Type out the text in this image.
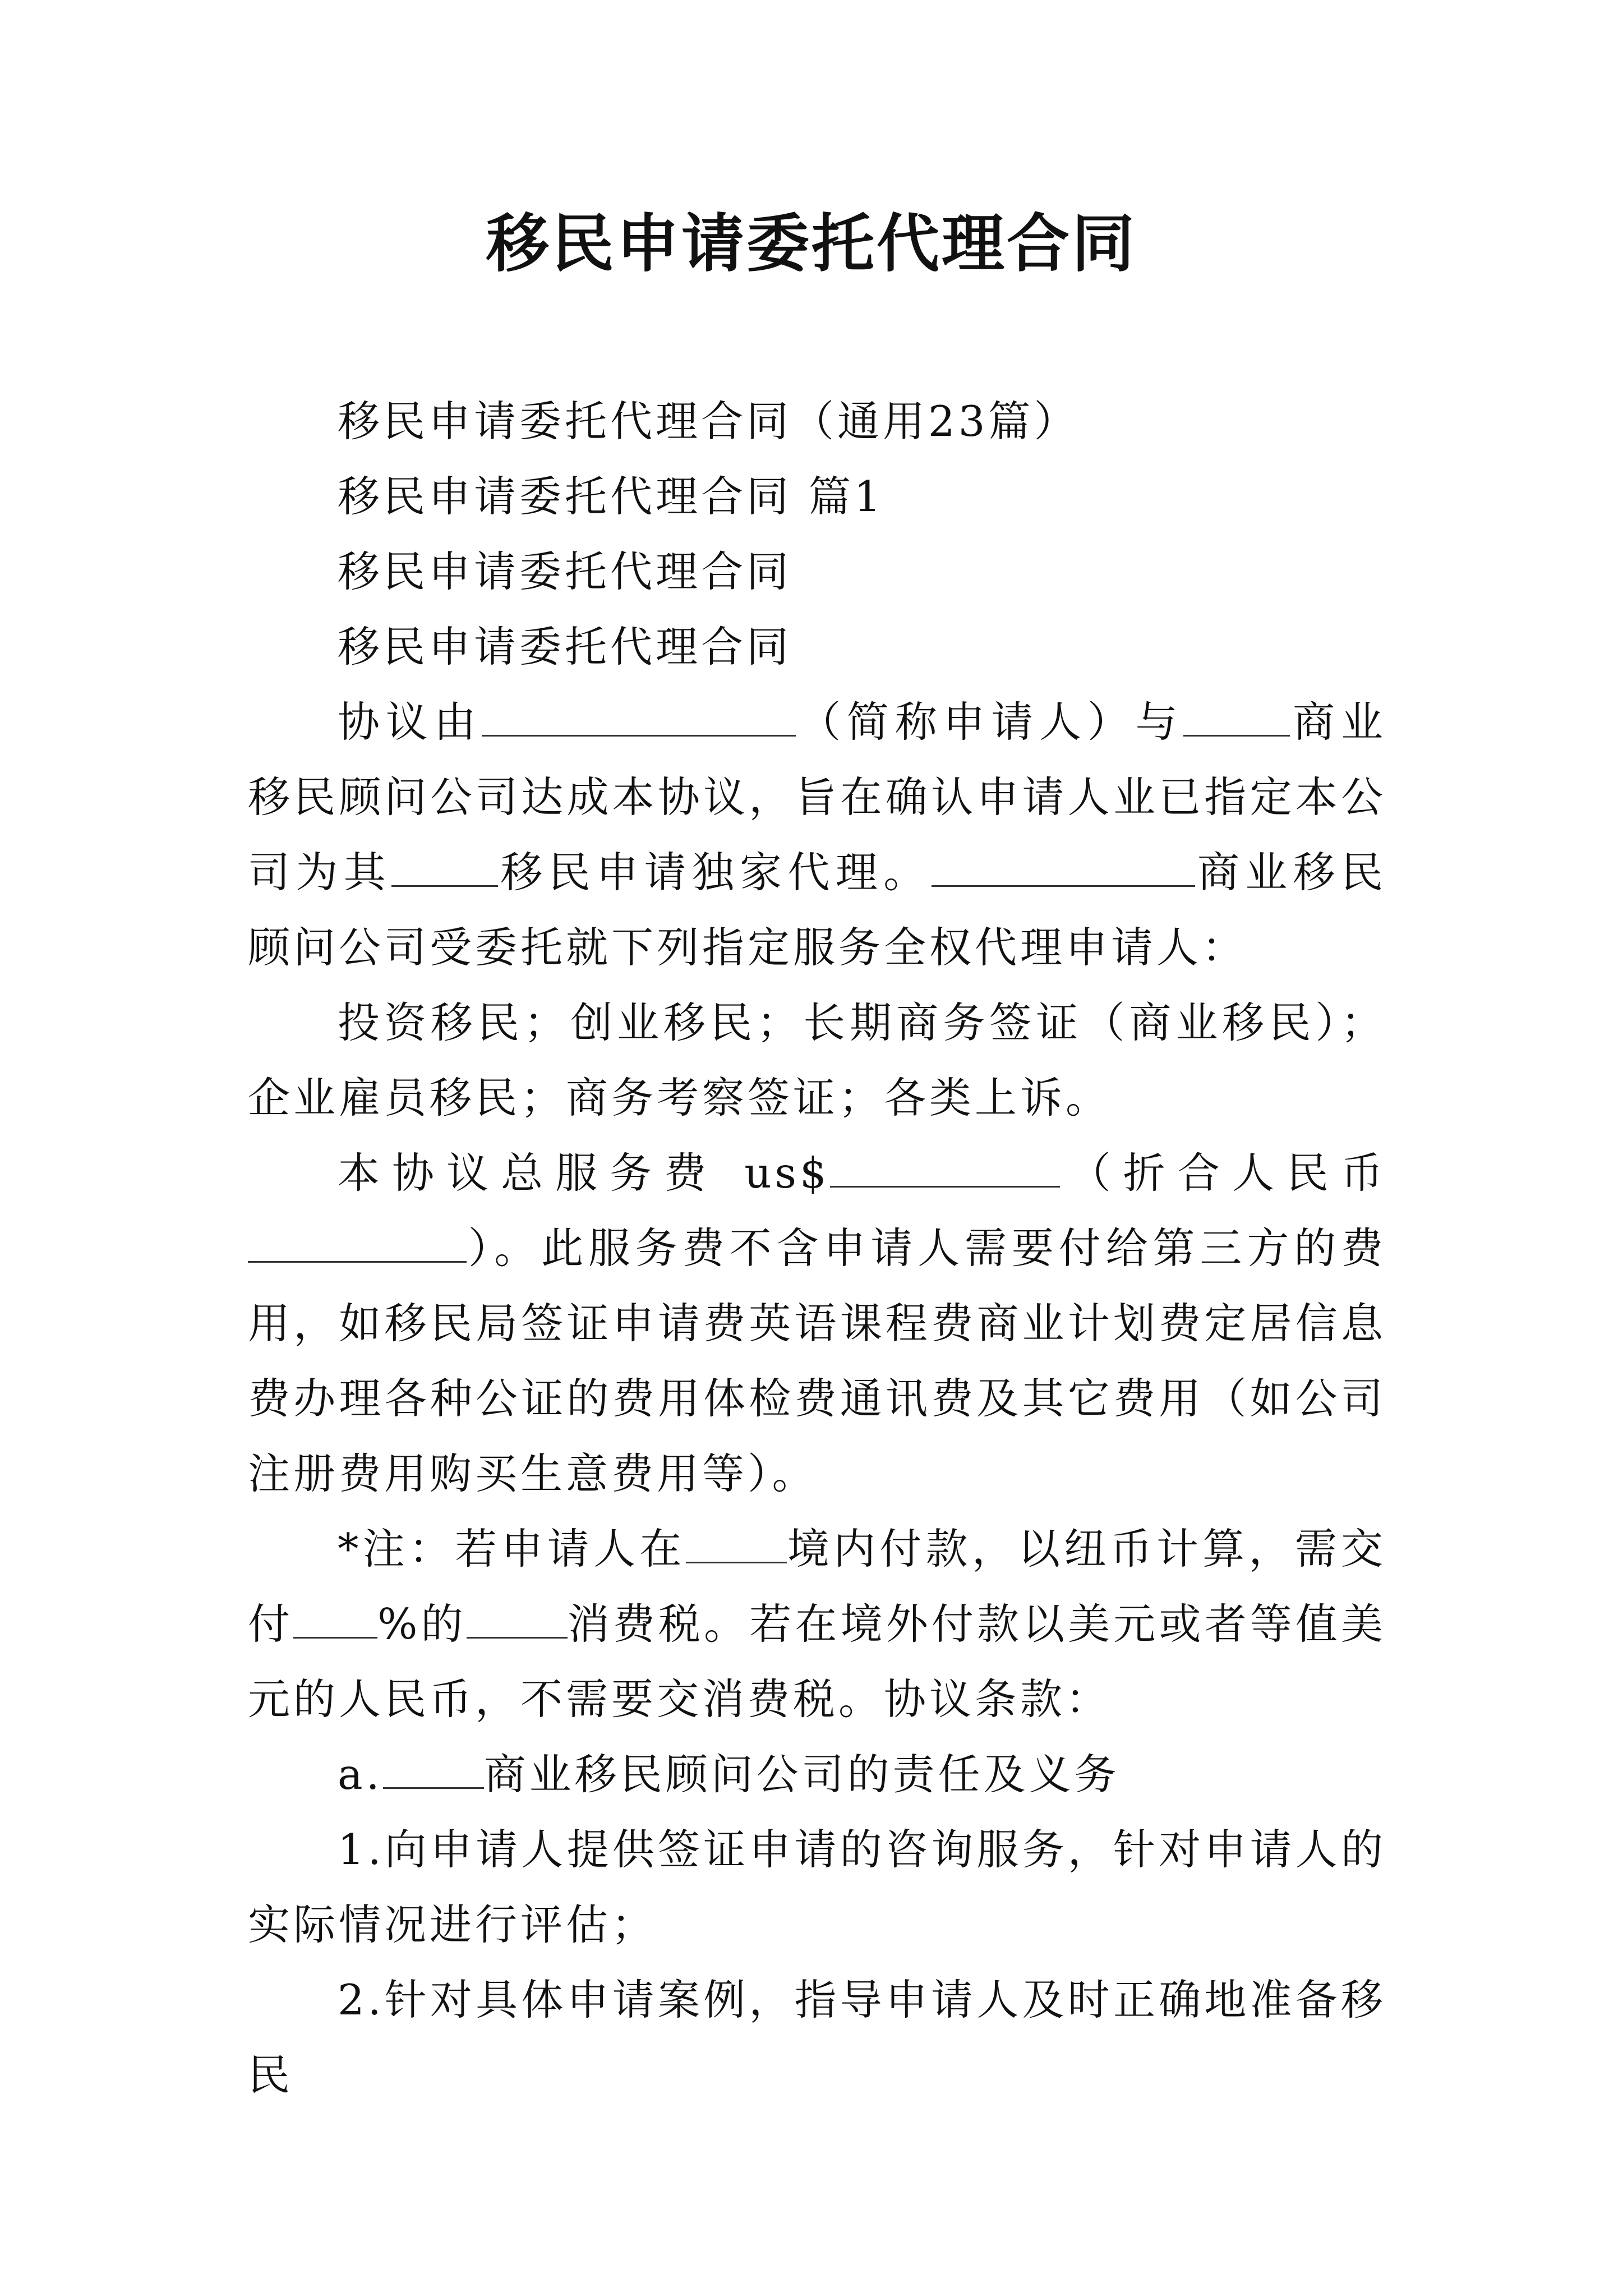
移民申请委托代理合同

移民申请委托代理合同（通用23篇）

移民申请委托代理合同 篇1

移民申请委托代理合同

移民申请委托代理合同

协议由	（简称申请人）与	商业移民顾问公司达成本协议，旨在确认申请人业已指定本公司为其	移民申请独家代理。	商业移民顾问公司受委托就下列指定服务全权代理申请人：

投资移民；创业移民；长期商务签证（商业移民）；企业雇员移民；商务考察签证；各类上诉。

本协议总服务费 us$	（折合人民币）。此服务费不含申请人需要付给第三方的费用，如移民局签证申请费英语课程费商业计划费定居信息费办理各种公证的费用体检费通讯费及其它费用（如公司注册费用购买生意费用等）。

*注：若申请人在 境内付款，以纽币计算，需交付 %的 消费税。若在境外付款以美元或者等值美元的人民币，不需要交消费税。协议条款：

a. 商业移民顾问公司的责任及义务

1.向申请人提供签证申请的咨询服务，针对申请人的实际情况进行评估；

2.针对具体申请案例，指导申请人及时正确地准备移民
